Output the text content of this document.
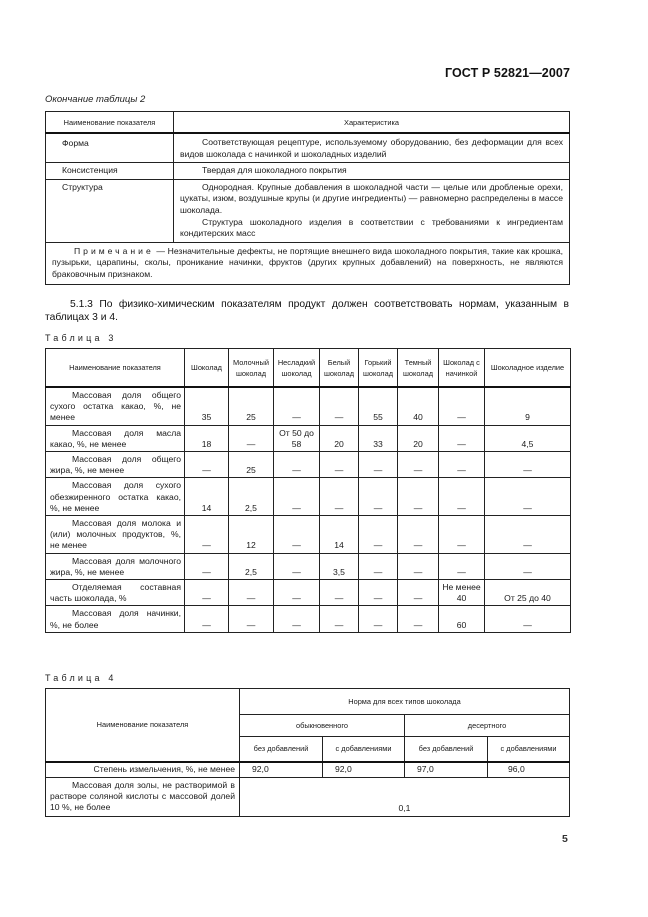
ГОСТ Р 52821—2007
Окончание таблицы 2
Наименование показателя	Характеристика
Форма	Соответствующая рецептуре, используемому оборудованию, без деформации для всех видов шоколада с начинкой и шоколадных изделий

Консистенция	Твердая для шоколадного покрытия

Структура	Однородная. Крупные добавления в шоколадной части — целые или дробленые орехи, цукаты, изюм, воздушные крупы (и другие ингредиенты) — равномерно распределены в массе шоколада.
Структура шоколадного изделия в соответствии с требованиями к ингредиентам кондитерских масс

Примечание — Незначительные дефекты, не портящие внешнего вида шоколадного покрытия, такие как крошка, пузырьки, царапины, сколы, проникание начинки, фруктов (других крупных добавлений) на поверхность, не являются браковочным признаком.	
5.1.3 По физико-химическим показателям продукт должен соответствовать нормам, указанным в таблицах 3 и 4.
Таблица 3
Наименование показателя	Шоколад	Молочный шоколад	Несладкий шоколад	Белый шоколад	Горький шоколад	Темный шоколад	Шоколад с начинкой	Шоколадное изделие

Массовая доля общего сухого остатка какао, %, не менее	35	25	—	—	55	40	—	9

Массовая доля масла какао, %, не менее	18	—	От 50 до 58	20	33	20	—	4,5

Массовая доля общего жира, %, не менее	—	25	—	—	—	—	—	—

Массовая доля сухого обезжиренного остатка какао, %, не менее	14	2,5	—	—	—	—	—	—

Массовая доля молока и (или) молочных продуктов, %, не менее	—	12	—	14	—	—	—	—

Массовая доля молочного жира, %, не менее	—	2,5	—	3,5	—	—	—	—

Отделяемая составная часть шоколада, %	—	—	—	—	—	—	Не менее 40	От 25 до 40

Массовая доля начинки, %, не более	—	—	—	—	—	—	60	—
Таблица 4
Наименование показателя	Норма для всех типов шоколада			
	обыкновенного		десертного	
	без добавлений	с добавлениями	без добавлений	с добавлениями
Степень измельчения, %, не менее	92,0	92,0	97,0	96,0

Массовая доля золы, не растворимой в растворе соляной кислоты с массовой долей 10 %, не более	0,1			
5
